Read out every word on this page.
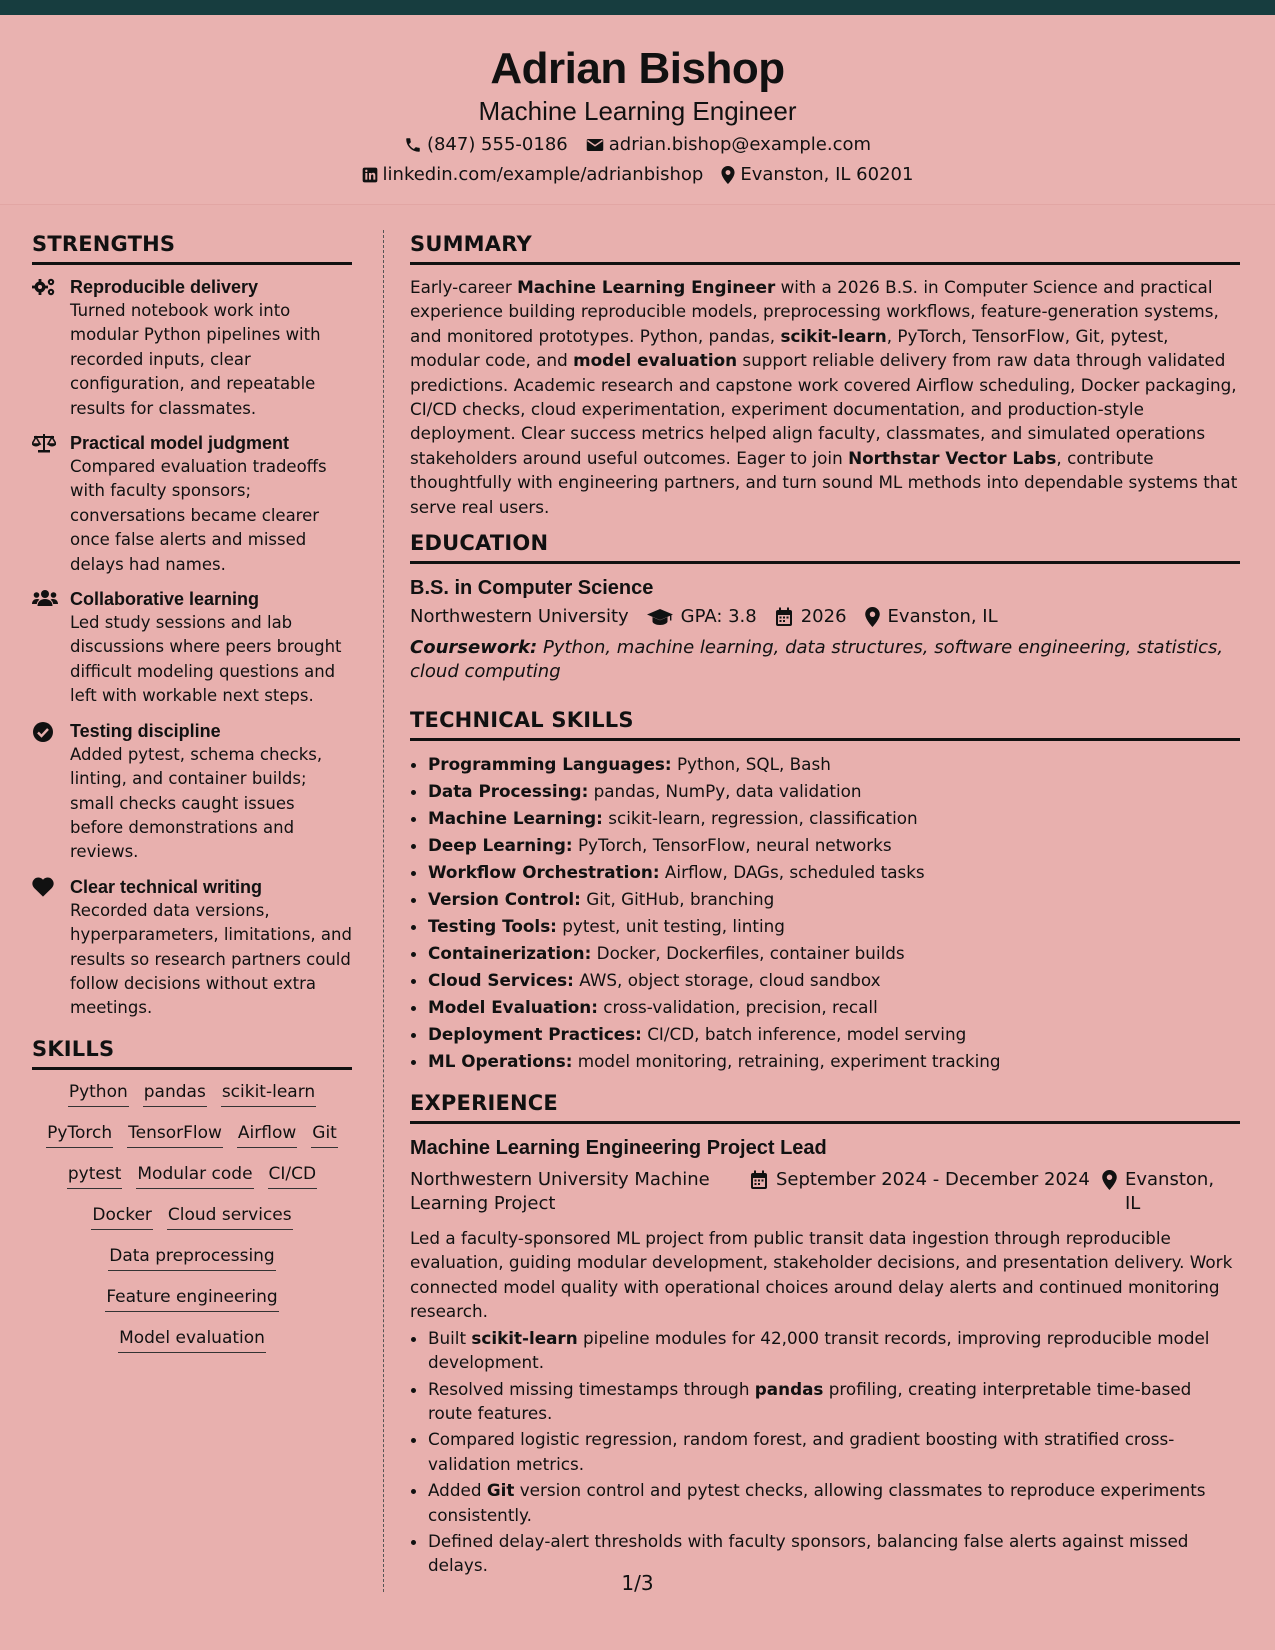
Adrian Bishop
Machine Learning Engineer
(847) 555-0186 adrian.bishop@example.com
linkedin.com/example/adrianbishop Evanston, IL 60201
STRENGTHS
Reproducible delivery
Turned notebook work into modular Python pipelines with recorded inputs, clear configuration, and repeatable results for classmates.
Practical model judgment
Compared evaluation tradeoffs with faculty sponsors; conversations became clearer once false alerts and missed delays had names.
Collaborative learning
Led study sessions and lab discussions where peers brought difficult modeling questions and left with workable next steps.
Testing discipline
Added pytest, schema checks, linting, and container builds; small checks caught issues before demonstrations and reviews.
Clear technical writing
Recorded data versions, hyperparameters, limitations, and results so research partners could follow decisions without extra meetings.
SKILLS
Python pandas scikit-learn
PyTorch TensorFlow Airflow Git
pytest Modular code CI/CD
Docker Cloud services
Data preprocessing
Feature engineering
Model evaluation
SUMMARY

Early-career Machine Learning Engineer with a 2026 B.S. in Computer Science and practical experience building reproducible models, preprocessing workflows, feature-generation systems, and monitored prototypes. Python, pandas, scikit-learn, PyTorch, TensorFlow, Git, pytest, modular code, and model evaluation support reliable delivery from raw data through validated predictions. Academic research and capstone work covered Airflow scheduling, Docker packaging, CI/CD checks, cloud experimentation, experiment documentation, and production-style deployment. Clear success metrics helped align faculty, classmates, and simulated operations stakeholders around useful outcomes. Eager to join Northstar Vector Labs, contribute thoughtfully with engineering partners, and turn sound ML methods into dependable systems that serve real users.

EDUCATION
B.S. in Computer Science
Northwestern University	GPA: 3.8 2026 Evanston, IL
Coursework: Python, machine learning, data structures, software engineering, statistics, cloud computing
TECHNICAL SKILLS
• Programming Languages: Python, SQL, Bash
• Data Processing: pandas, NumPy, data validation
• Machine Learning: scikit-learn, regression, classification
• Deep Learning: PyTorch, TensorFlow, neural networks
• Workflow Orchestration: Airflow, DAGs, scheduled tasks
• Version Control: Git, GitHub, branching
• Testing Tools: pytest, unit testing, linting
• Containerization: Docker, Dockerfiles, container builds
• Cloud Services: AWS, object storage, cloud sandbox
• Model Evaluation: cross-validation, precision, recall
• Deployment Practices: CI/CD, batch inference, model serving
• ML Operations: model monitoring, retraining, experiment tracking
EXPERIENCE
Machine Learning Engineering Project Lead
Northwestern University Machine Learning Project
September 2024 - December 2024 Evanston, IL
Led a faculty-sponsored ML project from public transit data ingestion through reproducible evaluation, guiding modular development, stakeholder decisions, and presentation delivery. Work connected model quality with operational choices around delay alerts and continued monitoring research.
• Built scikit-learn pipeline modules for 42,000 transit records, improving reproducible model development.
• Resolved missing timestamps through pandas profiling, creating interpretable time-based route features.
• Compared logistic regression, random forest, and gradient boosting with stratified cross-validation metrics.
• Added Git version control and pytest checks, allowing classmates to reproduce experiments consistently.
• Defined delay-alert thresholds with faculty sponsors, balancing false alerts against missed delays.
1/3
